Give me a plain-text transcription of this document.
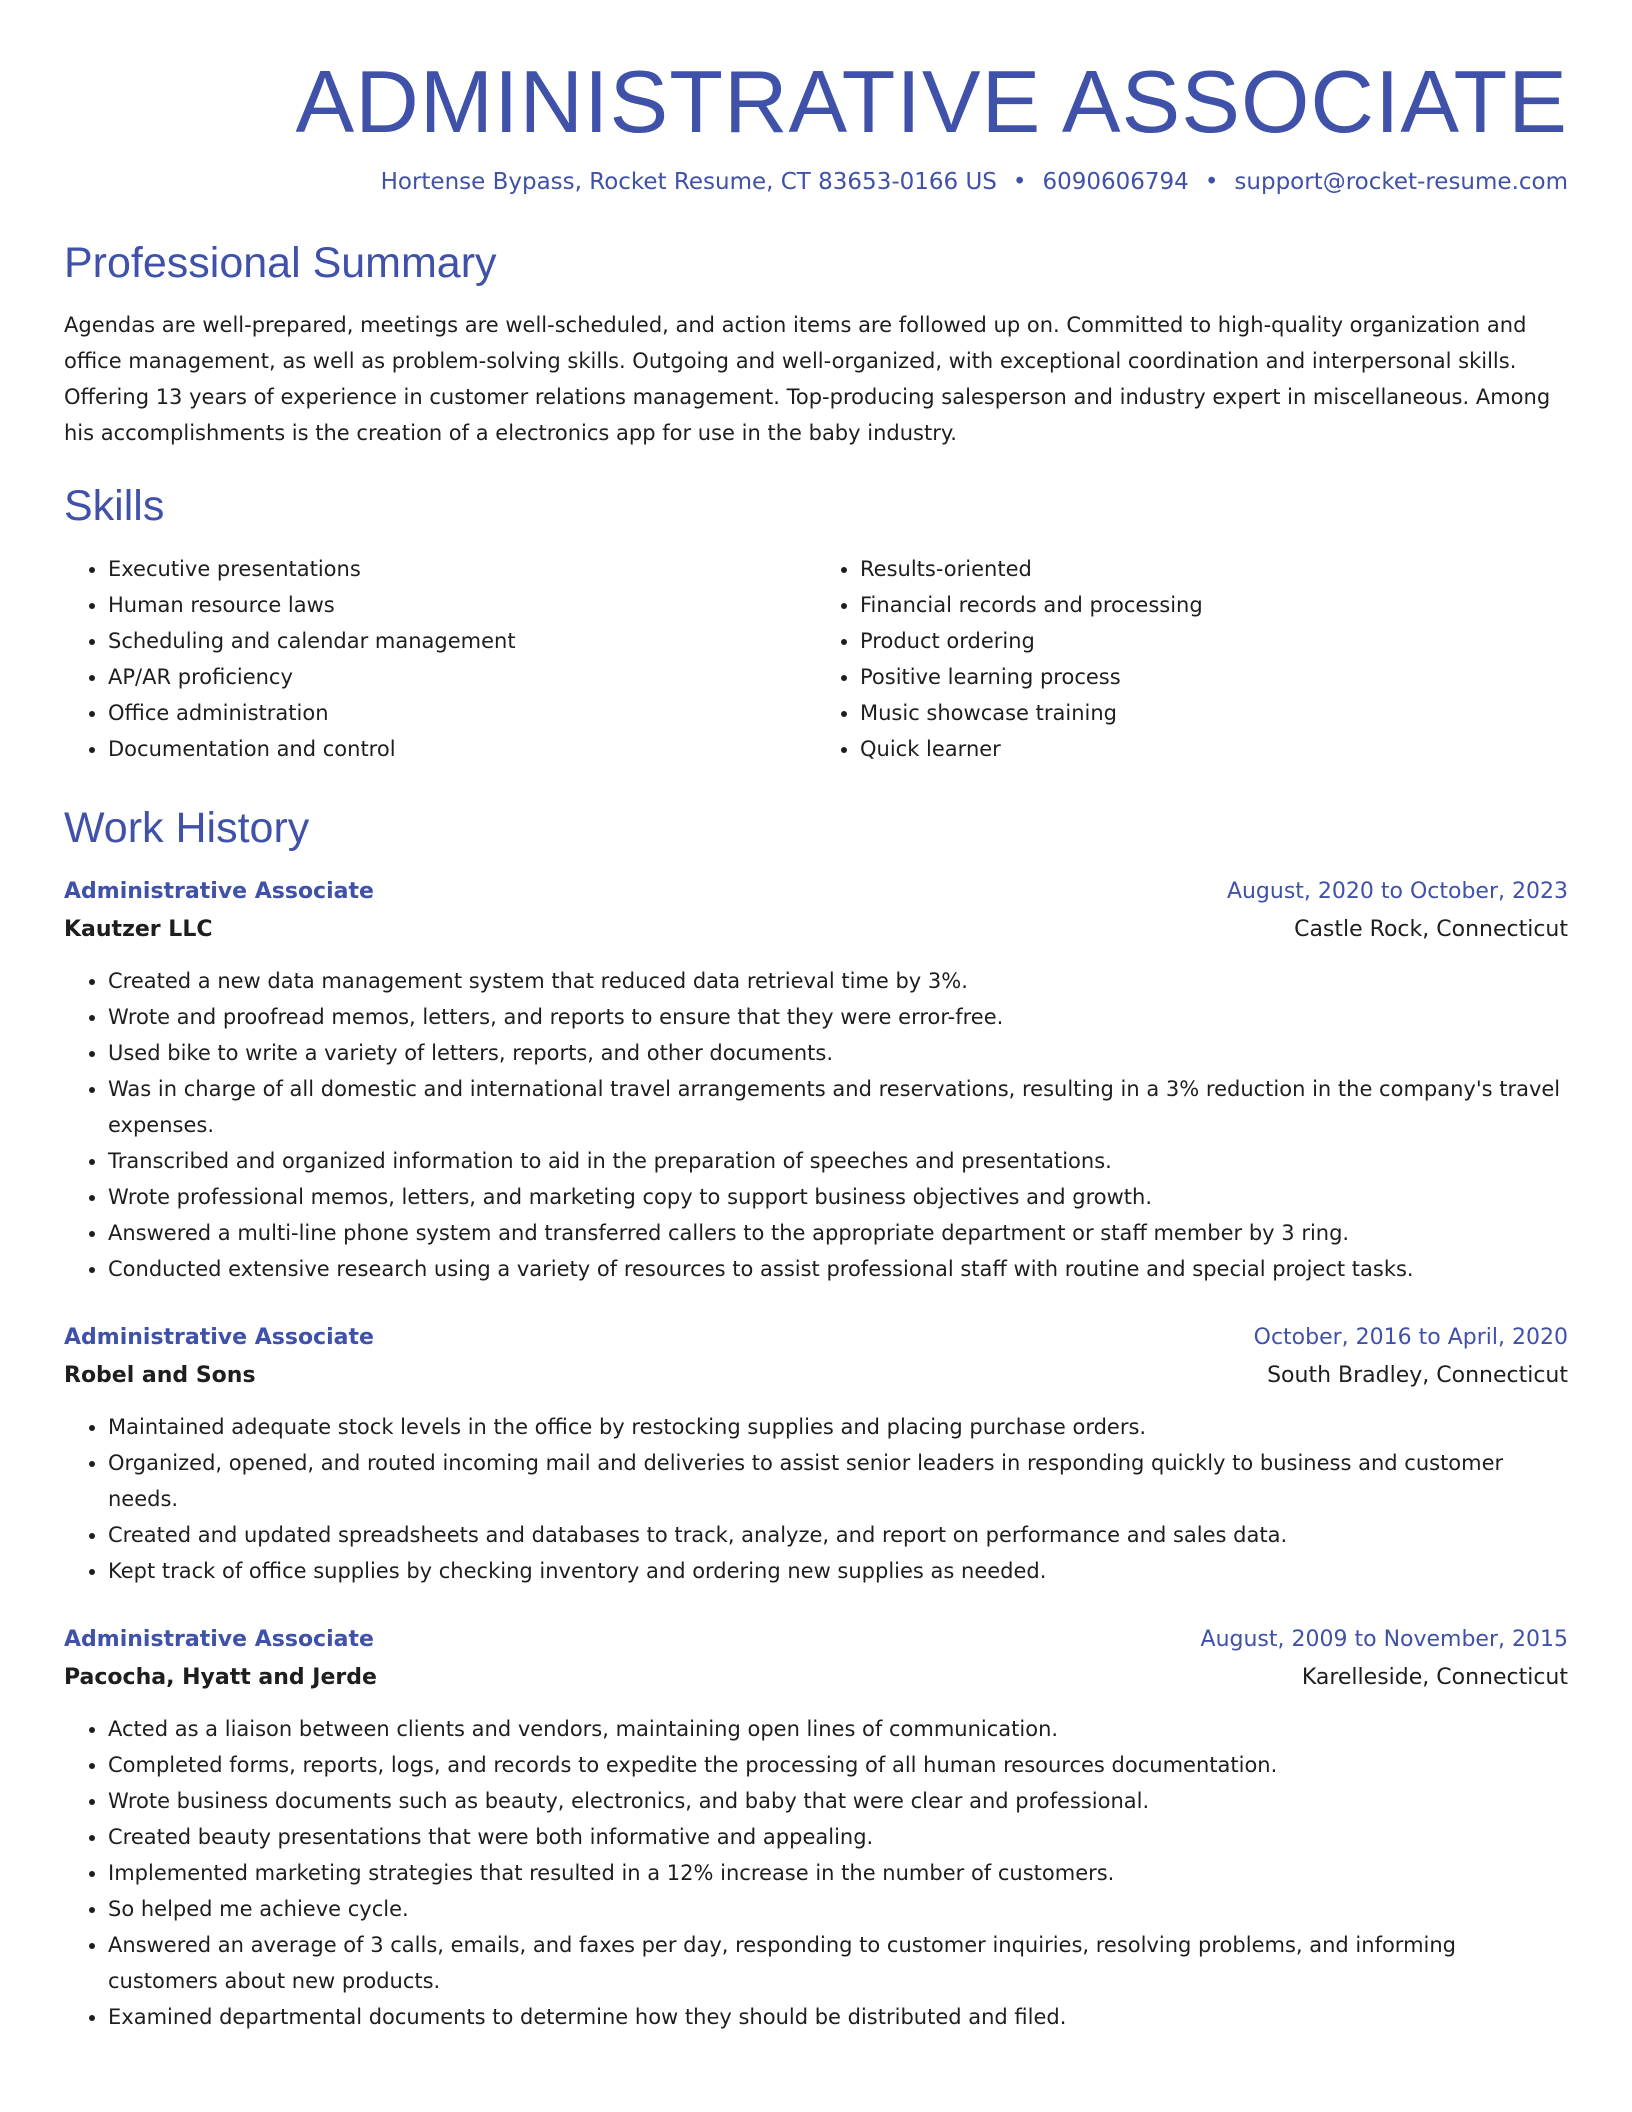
ADMINISTRATIVE ASSOCIATE
Hortense Bypass, Rocket Resume, CT 83653-0166 US • 6090606794 • support@rocket-resume.com
Professional Summary

Agendas are well-prepared, meetings are well-scheduled, and action items are followed up on. Committed to high-quality organization and office management, as well as problem-solving skills. Outgoing and well-organized, with exceptional coordination and interpersonal skills. Offering 13 years of experience in customer relations management. Top-producing salesperson and industry expert in miscellaneous. Among his accomplishments is the creation of a electronics app for use in the baby industry.

Skills
• Executive presentations
• Human resource laws
• Scheduling and calendar management
• AP/AR proficiency
• Office administration
• Documentation and control
• Results-oriented
• Financial records and processing
• Product ordering
• Positive learning process
• Music showcase training
• Quick learner
Work History
Administrative Associate	August, 2020 to October, 2023
Kautzer LLC	Castle Rock, Connecticut
• Created a new data management system that reduced data retrieval time by 3%.
• Wrote and proofread memos, letters, and reports to ensure that they were error-free.
• Used bike to write a variety of letters, reports, and other documents.
• Was in charge of all domestic and international travel arrangements and reservations, resulting in a 3% reduction in the company's travel expenses.
• Transcribed and organized information to aid in the preparation of speeches and presentations.
• Wrote professional memos, letters, and marketing copy to support business objectives and growth.
• Answered a multi-line phone system and transferred callers to the appropriate department or staff member by 3 ring.
• Conducted extensive research using a variety of resources to assist professional staff with routine and special project tasks.
Administrative Associate	October, 2016 to April, 2020
Robel and Sons	South Bradley, Connecticut
• Maintained adequate stock levels in the office by restocking supplies and placing purchase orders.
• Organized, opened, and routed incoming mail and deliveries to assist senior leaders in responding quickly to business and customer needs.
• Created and updated spreadsheets and databases to track, analyze, and report on performance and sales data.
• Kept track of office supplies by checking inventory and ordering new supplies as needed.
Administrative Associate	August, 2009 to November, 2015
Pacocha, Hyatt and Jerde	Karelleside, Connecticut
• Acted as a liaison between clients and vendors, maintaining open lines of communication.
• Completed forms, reports, logs, and records to expedite the processing of all human resources documentation.
• Wrote business documents such as beauty, electronics, and baby that were clear and professional.
• Created beauty presentations that were both informative and appealing.
• Implemented marketing strategies that resulted in a 12% increase in the number of customers.
• So helped me achieve cycle.
• Answered an average of 3 calls, emails, and faxes per day, responding to customer inquiries, resolving problems, and informing customers about new products.
• Examined departmental documents to determine how they should be distributed and filed.
